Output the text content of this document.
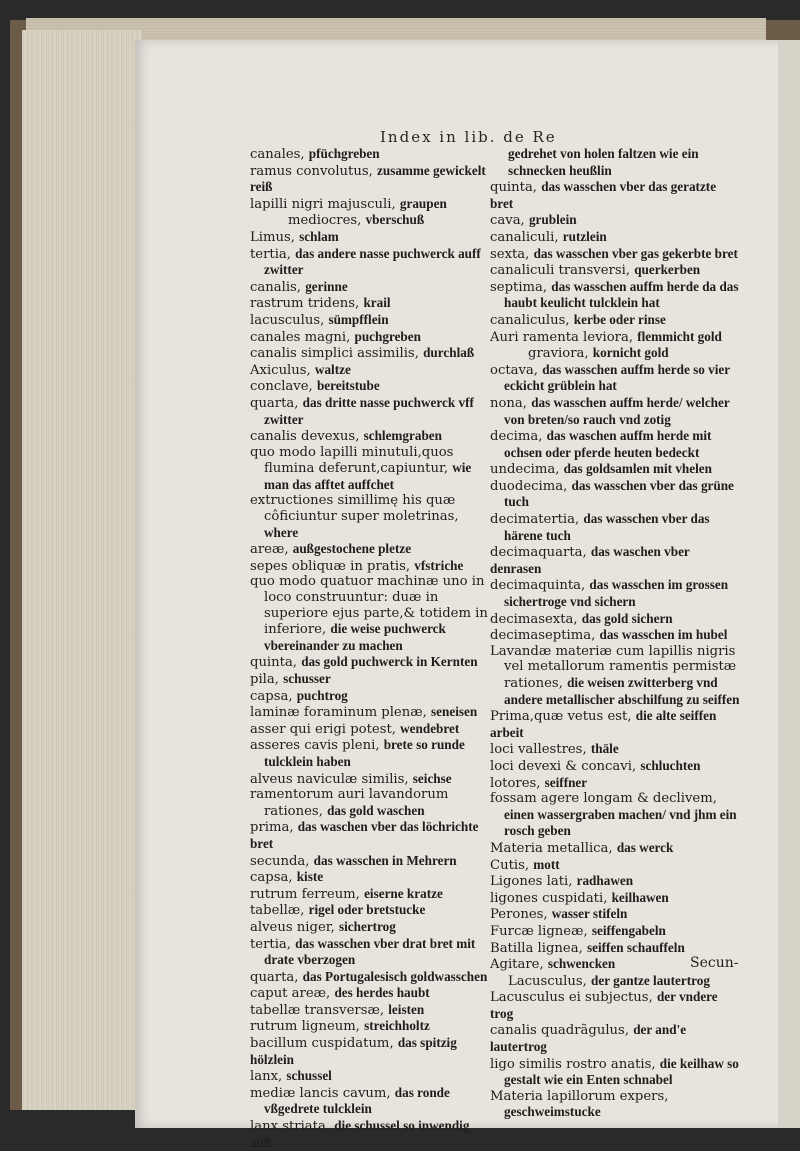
Index in lib. de Re
canales, pfüchgreben
ramus convolutus, zusamme gewickelt reiß
lapilli nigri majusculi, graupen
mediocres, vberschuß
Limus, schlam
tertia, das andere nasse puchwerck auff zwitter
canalis, gerinne
rastrum tridens, krail
lacusculus, sümpfflein
canales magni, puchgreben
canalis simplici assimilis, durchlaß
Axiculus, waltze
conclave, bereitstube
quarta, das dritte nasse puchwerck vff zwitter
canalis devexus, schlemgraben
quo modo lapilli minutuli,quos flumina deferunt,capiuntur, wie man das afftet auffchet
extructiones simillimę his quæ côficiuntur super moletrinas, where
areæ, außgestochene pletze
sepes obliquæ in pratis, vfstriche
quo modo quatuor machinæ uno in loco construuntur: duæ in superiore ejus parte,& totidem in inferiore, die weise puchwerck vbereinander zu machen
quinta, das gold puchwerck in Kernten
pila, schusser
capsa, puchtrog
laminæ foraminum plenæ, seneisen
asser qui erigi potest, wendebret
asseres cavis pleni, brete so runde tulcklein haben
alveus naviculæ similis, seichse
ramentorum auri lavandorum rationes, das gold waschen
prima, das waschen vber das löchrichte bret
secunda, das wasschen in Mehrern
capsa, kiste
rutrum ferreum, eiserne kratze
tabellæ, rigel oder bretstucke
alveus niger, sichertrog
tertia, das wasschen vber drat bret mit drate vberzogen
quarta, das Portugalesisch goldwasschen
caput areæ, des herdes haubt
tabellæ transversæ, leisten
rutrum ligneum, streichholtz
bacillum cuspidatum, das spitzig hölzlein
lanx, schussel
mediæ lancis cavum, das ronde vßgedrete tulcklein
lanx striata, die schussel so inwendig auß-
gedrehet von holen faltzen wie ein schnecken heußlin
quinta, das wasschen vber das geratzte bret
cava, grublein
canaliculi, rutzlein
sexta, das wasschen vber gas gekerbte bret
canaliculi transversi, querkerben
septima, das wasschen auffm herde da das haubt keulicht tulcklein hat
canaliculus, kerbe oder rinse
Auri ramenta leviora, flemmicht gold
graviora, kornicht gold
octava, das wasschen auffm herde so vier eckicht grüblein hat
nona, das wasschen auffm herde/ welcher von breten/so rauch vnd zotig
decima, das waschen auffm herde mit ochsen oder pferde heuten bedeckt
undecima, das goldsamlen mit vhelen
duodecima, das wasschen vber das grüne tuch
decimatertia, das wasschen vber das härene tuch
decimaquarta, das waschen vber denrasen
decimaquinta, das wasschen im grossen sichertroge vnd sichern
decimasexta, das gold sichern
decimaseptima, das wasschen im hubel
Lavandæ materiæ cum lapillis nigris vel metallorum ramentis permistæ rationes, die weisen zwitterberg vnd andere metallischer abschilfung zu seiffen
Prima,quæ vetus est, die alte seiffen arbeit
loci vallestres, thäle
loci devexi & concavi, schluchten
lotores, seiffner
fossam agere longam & declivem, einen wassergraben machen/ vnd jhm ein rosch geben
Materia metallica, das werck
Cutis, mott
Ligones lati, radhawen
ligones cuspidati, keilhawen
Perones, wasser stifeln
Furcæ ligneæ, seiffengabeln
Batilla lignea, seiffen schauffeln
Agitare, schwencken
Lacusculus, der gantze lautertrog
Lacusculus ei subjectus, der vndere trog
canalis quadrãgulus, der and'e lautertrog
ligo similis rostro anatis, die keilhaw so gestalt wie ein Enten schnabel
Materia lapillorum expers, geschweimstucke
Secun-
